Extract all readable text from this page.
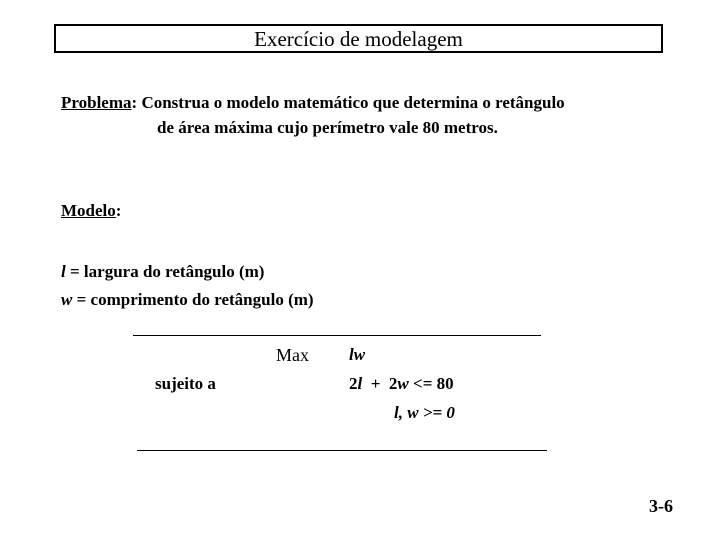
Exercício de modelagem
Problema: Construa o modelo matemático que determina o retângulo
de área máxima cujo perímetro vale 80 metros.
Modelo:
l = largura do retângulo (m)
w = comprimento do retângulo (m)
Max lw
sujeito a	2l  +  2w <= 80
l, w >= 0
3-6
